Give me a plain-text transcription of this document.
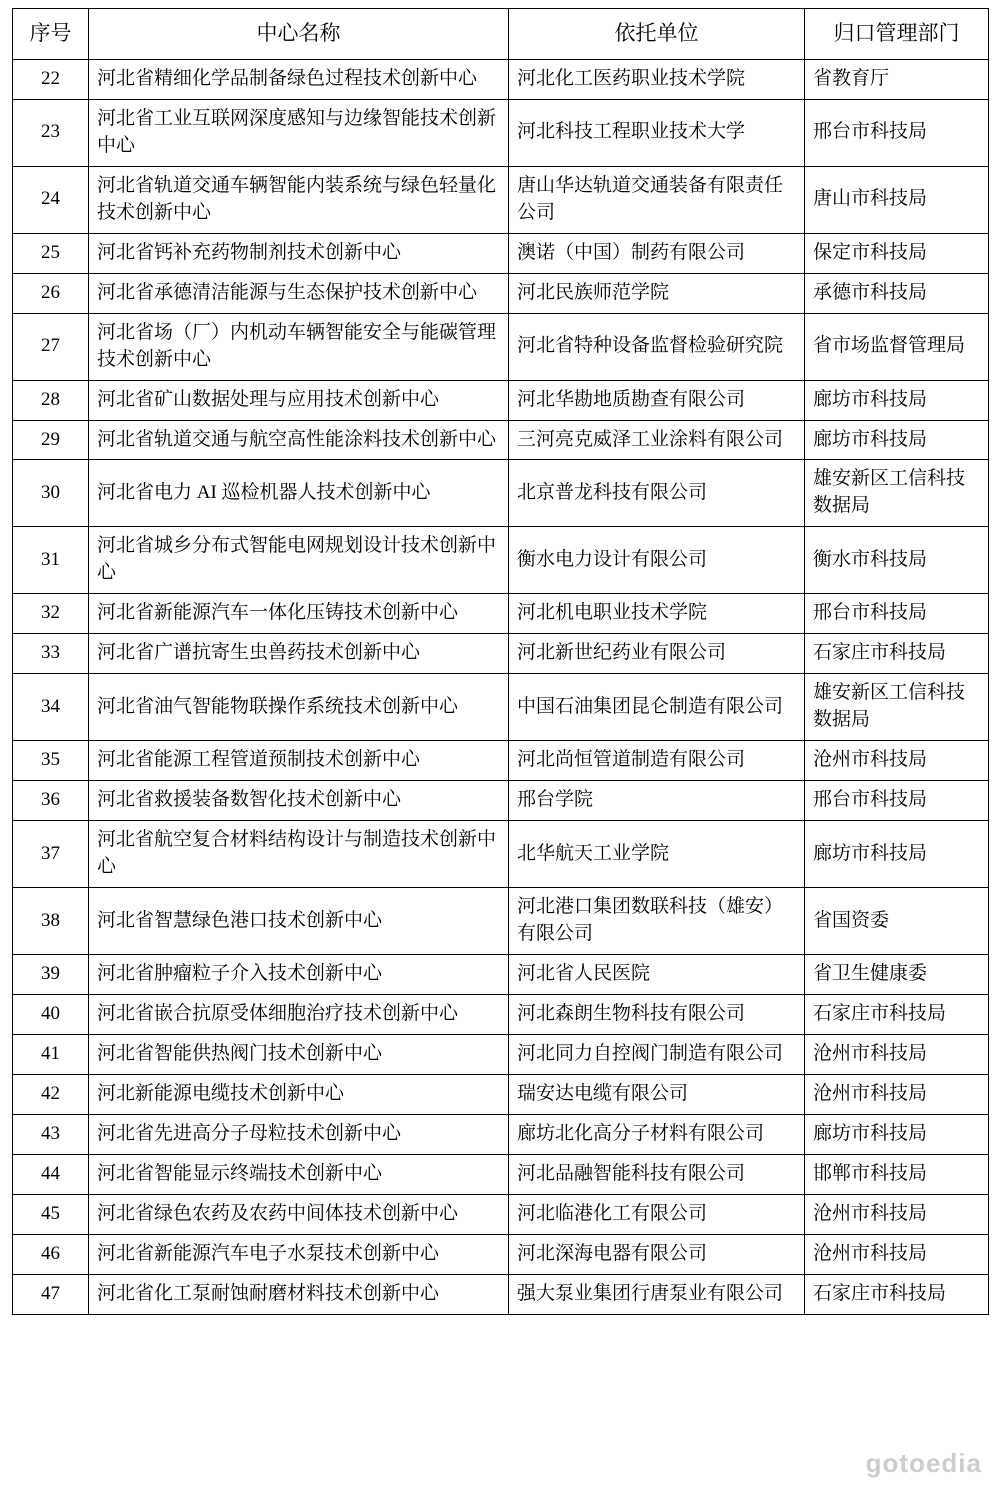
序号	中心名称	依托单位	归口管理部门
22	河北省精细化学品制备绿色过程技术创新中心	河北化工医药职业技术学院	省教育厅
23	河北省工业互联网深度感知与边缘智能技术创新中心	河北科技工程职业技术大学	邢台市科技局
24	河北省轨道交通车辆智能内装系统与绿色轻量化技术创新中心	唐山华达轨道交通装备有限责任公司	唐山市科技局
25	河北省钙补充药物制剂技术创新中心	澳诺（中国）制药有限公司	保定市科技局
26	河北省承德清洁能源与生态保护技术创新中心	河北民族师范学院	承德市科技局
27	河北省场（厂）内机动车辆智能安全与能碳管理技术创新中心	河北省特种设备监督检验研究院	省市场监督管理局
28	河北省矿山数据处理与应用技术创新中心	河北华勘地质勘查有限公司	廊坊市科技局
29	河北省轨道交通与航空高性能涂料技术创新中心	三河亮克威泽工业涂料有限公司	廊坊市科技局
30	河北省电力 AI 巡检机器人技术创新中心	北京普龙科技有限公司	雄安新区工信科技数据局
31	河北省城乡分布式智能电网规划设计技术创新中心	衡水电力设计有限公司	衡水市科技局
32	河北省新能源汽车一体化压铸技术创新中心	河北机电职业技术学院	邢台市科技局
33	河北省广谱抗寄生虫兽药技术创新中心	河北新世纪药业有限公司	石家庄市科技局
34	河北省油气智能物联操作系统技术创新中心	中国石油集团昆仑制造有限公司	雄安新区工信科技数据局
35	河北省能源工程管道预制技术创新中心	河北尚恒管道制造有限公司	沧州市科技局
36	河北省救援装备数智化技术创新中心	邢台学院	邢台市科技局
37	河北省航空复合材料结构设计与制造技术创新中心	北华航天工业学院	廊坊市科技局
38	河北省智慧绿色港口技术创新中心	河北港口集团数联科技（雄安）有限公司	省国资委
39	河北省肿瘤粒子介入技术创新中心	河北省人民医院	省卫生健康委
40	河北省嵌合抗原受体细胞治疗技术创新中心	河北森朗生物科技有限公司	石家庄市科技局
41	河北省智能供热阀门技术创新中心	河北同力自控阀门制造有限公司	沧州市科技局
42	河北新能源电缆技术创新中心	瑞安达电缆有限公司	沧州市科技局
43	河北省先进高分子母粒技术创新中心	廊坊北化高分子材料有限公司	廊坊市科技局
44	河北省智能显示终端技术创新中心	河北品融智能科技有限公司	邯郸市科技局
45	河北省绿色农药及农药中间体技术创新中心	河北临港化工有限公司	沧州市科技局
46	河北省新能源汽车电子水泵技术创新中心	河北深海电器有限公司	沧州市科技局
47	河北省化工泵耐蚀耐磨材料技术创新中心	强大泵业集团行唐泵业有限公司	石家庄市科技局
gotoedia
